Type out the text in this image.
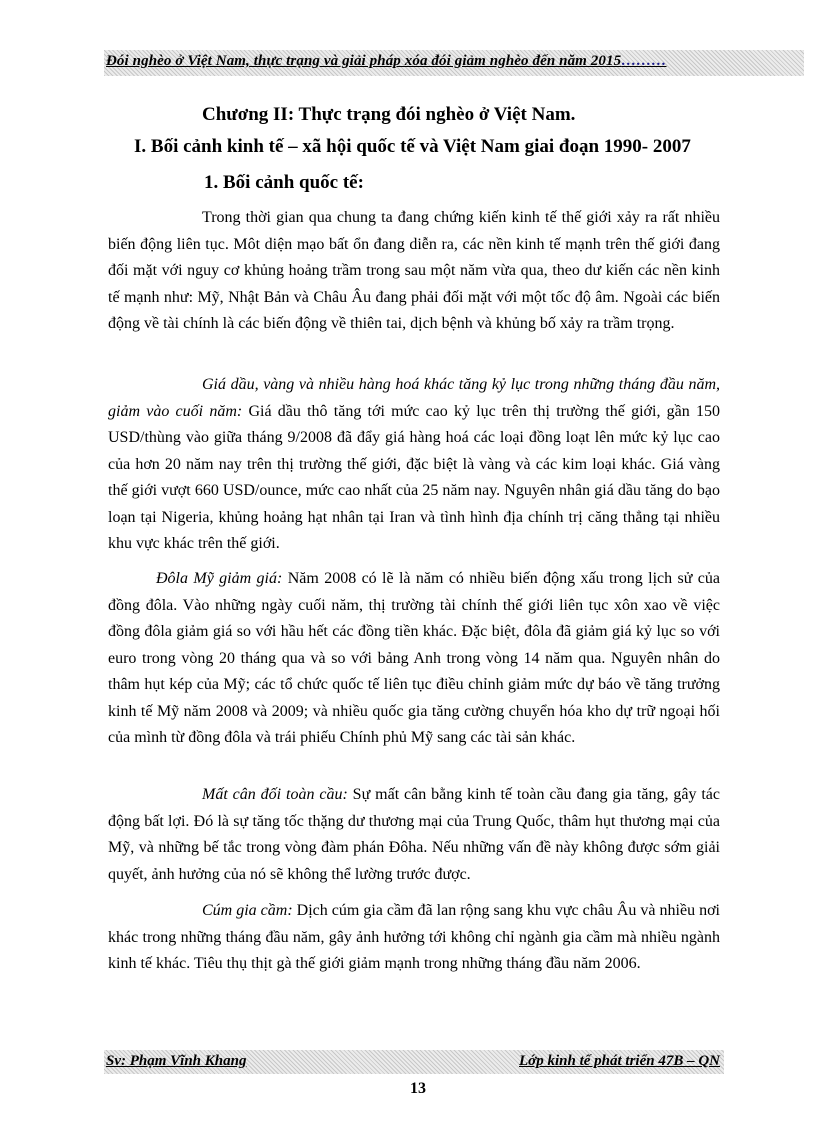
Đói nghèo ở Việt Nam, thực trạng và giải pháp xóa đói giảm nghèo đến năm 2015………
Chương II: Thực trạng đói nghèo ở Việt Nam.
I. Bối cảnh kinh tế – xã hội quốc tế và Việt Nam giai đoạn 1990- 2007
1. Bối cảnh quốc tế:

Trong thời gian qua chung ta đang chứng kiến kinh tế thế giới xảy ra rất nhiều biến động liên tục. Môt diện mạo bất ổn đang diễn ra, các nền kinh tế mạnh trên thế giới đang đối mặt với nguy cơ khủng hoảng trầm trong sau một năm vừa qua, theo dư kiến các nền kinh tế mạnh như: Mỹ, Nhật Bản và Châu Âu đang phải đối mặt với một tốc độ âm. Ngoài các biến động về tài chính là các biến động về thiên tai, dịch bệnh và khủng bố xảy ra trầm trọng.

Giá dầu, vàng và nhiều hàng hoá khác tăng kỷ lục trong những tháng đầu năm, giảm vào cuối năm: Giá dầu thô tăng tới mức cao kỷ lục trên thị trường thế giới, gần 150 USD/thùng vào giữa tháng 9/2008 đã đẩy giá hàng hoá các loại đồng loạt lên mức kỷ lục cao của hơn 20 năm nay trên thị trường thế giới, đặc biệt là vàng và các kim loại khác. Giá vàng thế giới vượt 660 USD/ounce, mức cao nhất của 25 năm nay. Nguyên nhân giá dầu tăng do bạo loạn tại Nigeria, khủng hoảng hạt nhân tại Iran và tình hình địa chính trị căng thẳng tại nhiều khu vực khác trên thế giới.

Đôla Mỹ giảm giá: Năm 2008 có lẽ là năm có nhiều biến động xấu trong lịch sử của đồng đôla. Vào những ngày cuối năm, thị trường tài chính thế giới liên tục xôn xao về việc đồng đôla giảm giá so với hầu hết các đồng tiền khác. Đặc biệt, đôla đã giảm giá kỷ lục so với euro trong vòng 20 tháng qua và so với bảng Anh trong vòng 14 năm qua. Nguyên nhân do thâm hụt kép của Mỹ; các tổ chức quốc tế liên tục điều chỉnh giảm mức dự báo về tăng trưởng kinh tế Mỹ năm 2008 và 2009; và nhiều quốc gia tăng cường chuyển hóa kho dự trữ ngoại hối của mình từ đồng đôla và trái phiếu Chính phủ Mỹ sang các tài sản khác.

Mất cân đối toàn cầu: Sự mất cân bằng kinh tế toàn cầu đang gia tăng, gây tác động bất lợi. Đó là sự tăng tốc thặng dư thương mại của Trung Quốc, thâm hụt thương mại của Mỹ, và những bế tắc trong vòng đàm phán Đôha. Nếu những vấn đề này không được sớm giải quyết, ảnh hưởng của nó sẽ không thể lường trước được.

Cúm gia cầm: Dịch cúm gia cầm đã lan rộng sang khu vực châu Âu và nhiều nơi khác trong những tháng đầu năm, gây ảnh hưởng tới không chỉ ngành gia cầm mà nhiều ngành kinh tế khác. Tiêu thụ thịt gà thế giới giảm mạnh trong những tháng đầu năm 2006.

Sv: Phạm Vĩnh Khang	Lớp kinh tế phát triển 47B – QN
13
